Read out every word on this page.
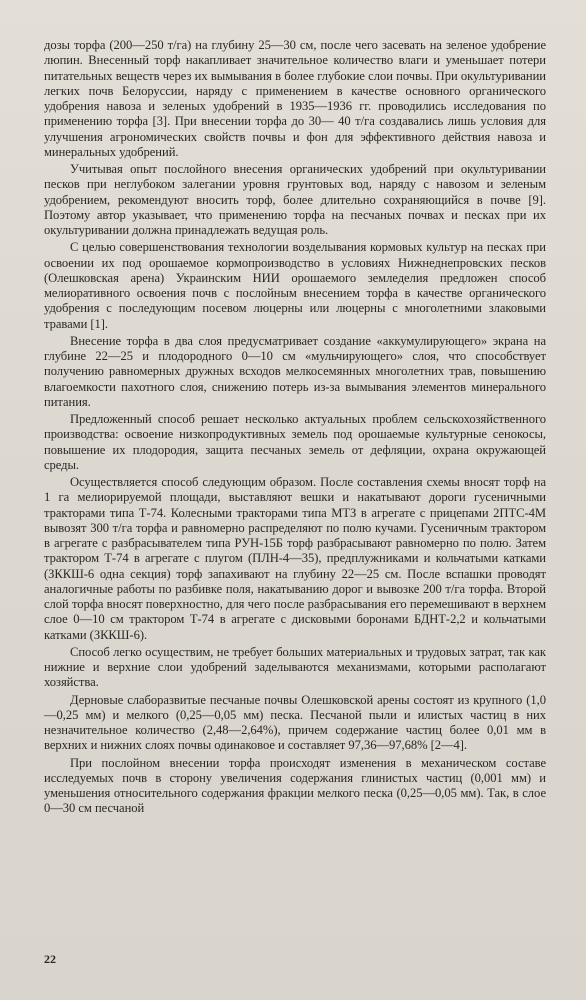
дозы торфа (200—250 т/га) на глубину 25—30 см, после чего засевать на зеленое удобрение люпин. Внесенный торф накапливает значительное количество влаги и уменьшает потери питательных веществ через их вымывания в более глубокие слои почвы. При окультуривании легких почв Белоруссии, наряду с применением в качестве основного органического удобрения навоза и зеленых удобрений в 1935—1936 гг. проводились исследования по применению торфа [3]. При внесении торфа до 30— 40 т/га создавались лишь условия для улучшения агрономических свойств почвы и фон для эффективного действия навоза и минеральных удобрений.

Учитывая опыт послойного внесения органических удобрений при окультуривании песков при неглубоком залегании уровня грунтовых вод, наряду с навозом и зеленым удобрением, рекомендуют вносить торф, более длительно сохраняющийся в почве [9]. Поэтому автор указывает, что применению торфа на песчаных почвах и песках при их окультуривании должна принадлежать ведущая роль.

С целью совершенствования технологии возделывания кормовых культур на песках при освоении их под орошаемое кормопроизводство в условиях Нижнеднепровских песков (Олешковская арена) Украинским НИИ орошаемого земледелия предложен способ мелиоративного освоения почв с послойным внесением торфа в качестве органического удобрения с последующим посевом люцерны или люцерны с многолетними злаковыми травами [1].

Внесение торфа в два слоя предусматривает создание «аккумулирующего» экрана на глубине 22—25 и плодородного 0—10 см «мульчирующего» слоя, что способствует получению равномерных дружных всходов мелкосемянных многолетних трав, повышению влагоемкости пахотного слоя, снижению потерь из-за вымывания элементов минерального питания.

Предложенный способ решает несколько актуальных проблем сельскохозяйственного производства: освоение низкопродуктивных земель под орошаемые культурные сенокосы, повышение их плодородия, защита песчаных земель от дефляции, охрана окружающей среды.

Осуществляется способ следующим образом. После составления схемы вносят торф на 1 га мелиорируемой площади, выставляют вешки и накатывают дороги гусеничными тракторами типа Т-74. Колесными тракторами типа МТЗ в агрегате с прицепами 2ПТС-4М вывозят 300 т/га торфа и равномерно распределяют по полю кучами. Гусеничным трактором в агрегате с разбрасывателем типа РУН-15Б торф разбрасывают равномерно по полю. Затем трактором Т-74 в агрегате с плугом (ПЛН-4—35), предплужниками и кольчатыми катками (ЗККШ-6 одна секция) торф запахивают на глубину 22—25 см. После вспашки проводят аналогичные работы по разбивке поля, накатыванию дорог и вывозке 200 т/га торфа. Второй слой торфа вносят поверхностно, для чего после разбрасывания его перемешивают в верхнем слое 0—10 см трактором Т-74 в агрегате с дисковыми боронами БДНТ-2,2 и кольчатыми катками (ЗККШ-6).

Способ легко осуществим, не требует больших материальных и трудовых затрат, так как нижние и верхние слои удобрений заделываются механизмами, которыми располагают хозяйства.

Дерновые слаборазвитые песчаные почвы Олешковской арены состоят из крупного (1,0—0,25 мм) и мелкого (0,25—0,05 мм) песка. Песчаной пыли и илистых частиц в них незначительное количество (2,48—2,64%), причем содержание частиц более 0,01 мм в верхних и нижних слоях почвы одинаковое и составляет 97,36—97,68% [2—4].

При послойном внесении торфа происходят изменения в механическом составе исследуемых почв в сторону увеличения содержания глинистых частиц (0,001 мм) и уменьшения относительного содержания фракции мелкого песка (0,25—0,05 мм). Так, в слое 0—30 см песчаной

22
